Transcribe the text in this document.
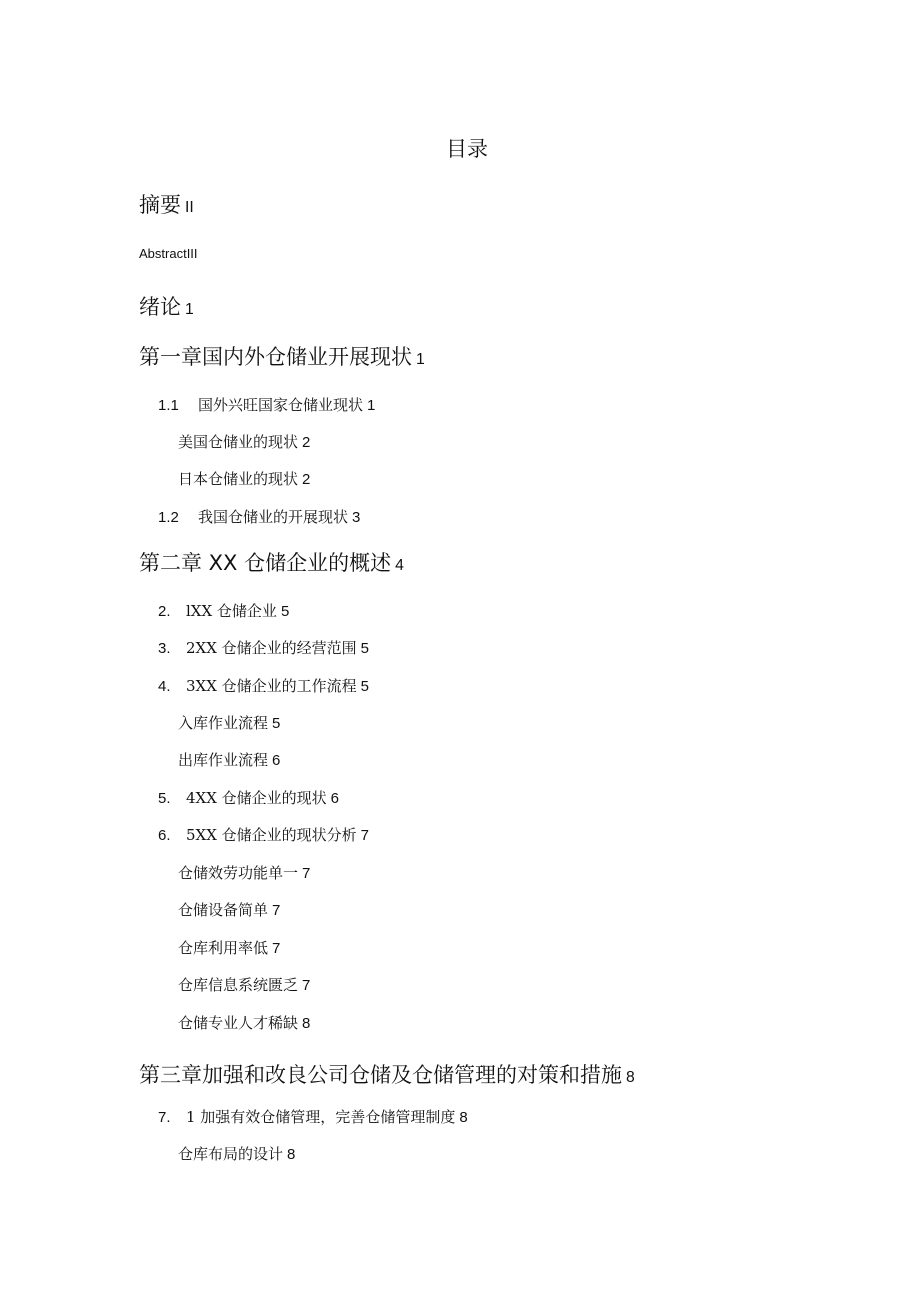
目录
摘要 II
AbstractIII
绪论 1
第一章国内外仓储业开展现状 1
1.1 国外兴旺国家仓储业现状 1
美国仓储业的现状 2
日本仓储业的现状 2
1.2 我国仓储业的开展现状 3
第二章 XX 仓储企业的概述 4
2. lXX 仓储企业 5
3. 2XX 仓储企业的经营范围 5
4. 3XX 仓储企业的工作流程 5
入库作业流程 5
出库作业流程 6
5. 4XX 仓储企业的现状 6
6. 5XX 仓储企业的现状分析 7
仓储效劳功能单一 7
仓储设备简单 7
仓库利用率低 7
仓库信息系统匮乏 7
仓储专业人才稀缺 8
第三章加强和改良公司仓储及仓储管理的对策和措施 8
7. 1 加强有效仓储管理，完善仓储管理制度 8
仓库布局的设计 8
